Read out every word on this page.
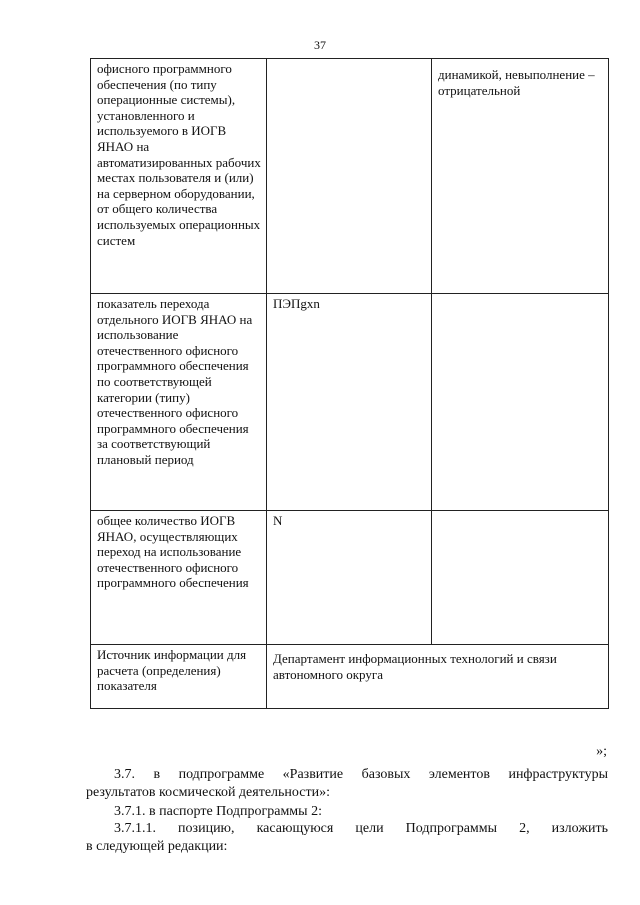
37
офисного программного обеспечения (по типу операционные системы), установленного и используемого в ИОГВ ЯНАО на автоматизированных рабочих местах пользователя и (или) на серверном оборудовании, от общего количества используемых операционных систем		динамикой, невыполнение – отрицательной
показатель перехода отдельного ИОГВ ЯНАО на использование отечественного офисного программного обеспечения по соответствующей категории (типу) отечественного офисного программного обеспечения за соответствующий плановый период	ПЭПgxn	
общее количество ИОГВ ЯНАО, осуществляющих переход на использование отечественного офисного программного обеспечения	N	
Источник информации для расчета (определения) показателя	Департамент информационных технологий и связи автономного округа	
»;

3.7. в подпрограмме «Развитие базовых элементов инфраструктуры

результатов космической деятельности»:

3.7.1. в паспорте Подпрограммы 2:

3.7.1.1. позицию, касающуюся цели Подпрограммы 2, изложить

в следующей редакции:
